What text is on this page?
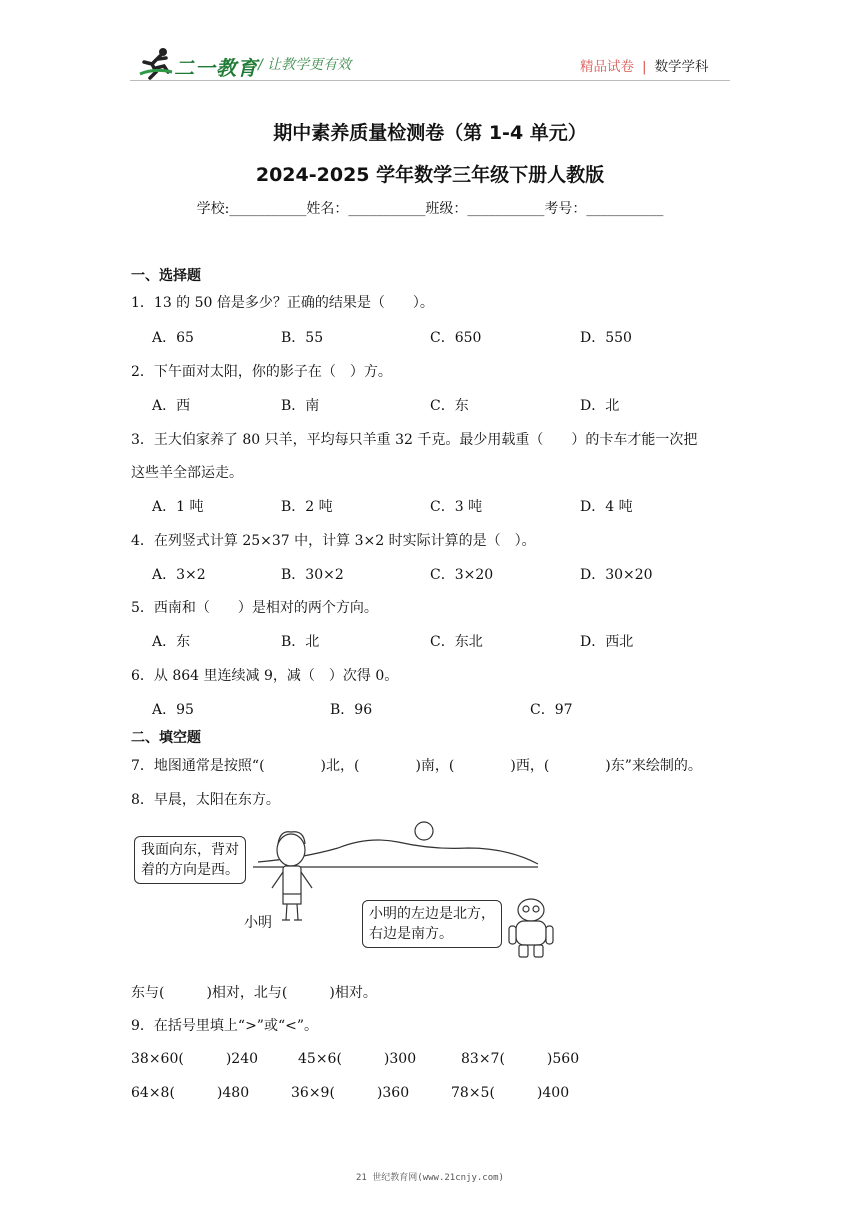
二一教育 / 让教学更有效	精品试卷 | 数学学科
期中素养质量检测卷（第 1-4 单元）
2024-2025 学年数学三年级下册人教版
学校:___________姓名：___________班级：___________考号：___________
一、选择题
1．13 的 50 倍是多少？正确的结果是（　　）。
A．65	B．55	C．650	D．550
2．下午面对太阳，你的影子在（　）方。
A．西	B．南	C．东	D．北
3．王大伯家养了 80 只羊，平均每只羊重 32 千克。最少用载重（　　）的卡车才能一次把
这些羊全部运走。
A．1 吨	B．2 吨	C．3 吨	D．4 吨
4．在列竖式计算 25×37 中，计算 3×2 时实际计算的是（　）。
A．3×2	B．30×2	C．3×20	D．30×20
5．西南和（　　）是相对的两个方向。
A．东	B．北	C．东北	D．西北
6．从 864 里连续减 9，减（　）次得 0。
A．95	B．96	C．97
二、填空题
7．地图通常是按照“(　　　　)北，(　　　　)南，(　　　　)西，(　　　　)东”来绘制的。
8．早晨，太阳在东方。
我面向东，背对
着的方向是西。
小明
小明的左边是北方，
右边是南方。
东与(　　　)相对，北与(　　　)相对。
9．在括号里填上“>”或“<”。
38×60(　　　)240	45×6(　　　)300	83×7(　　　)560
64×8(　　　)480	36×9(　　　)360	78×5(　　　)400
21 世纪教育网(www.21cnjy.com)
